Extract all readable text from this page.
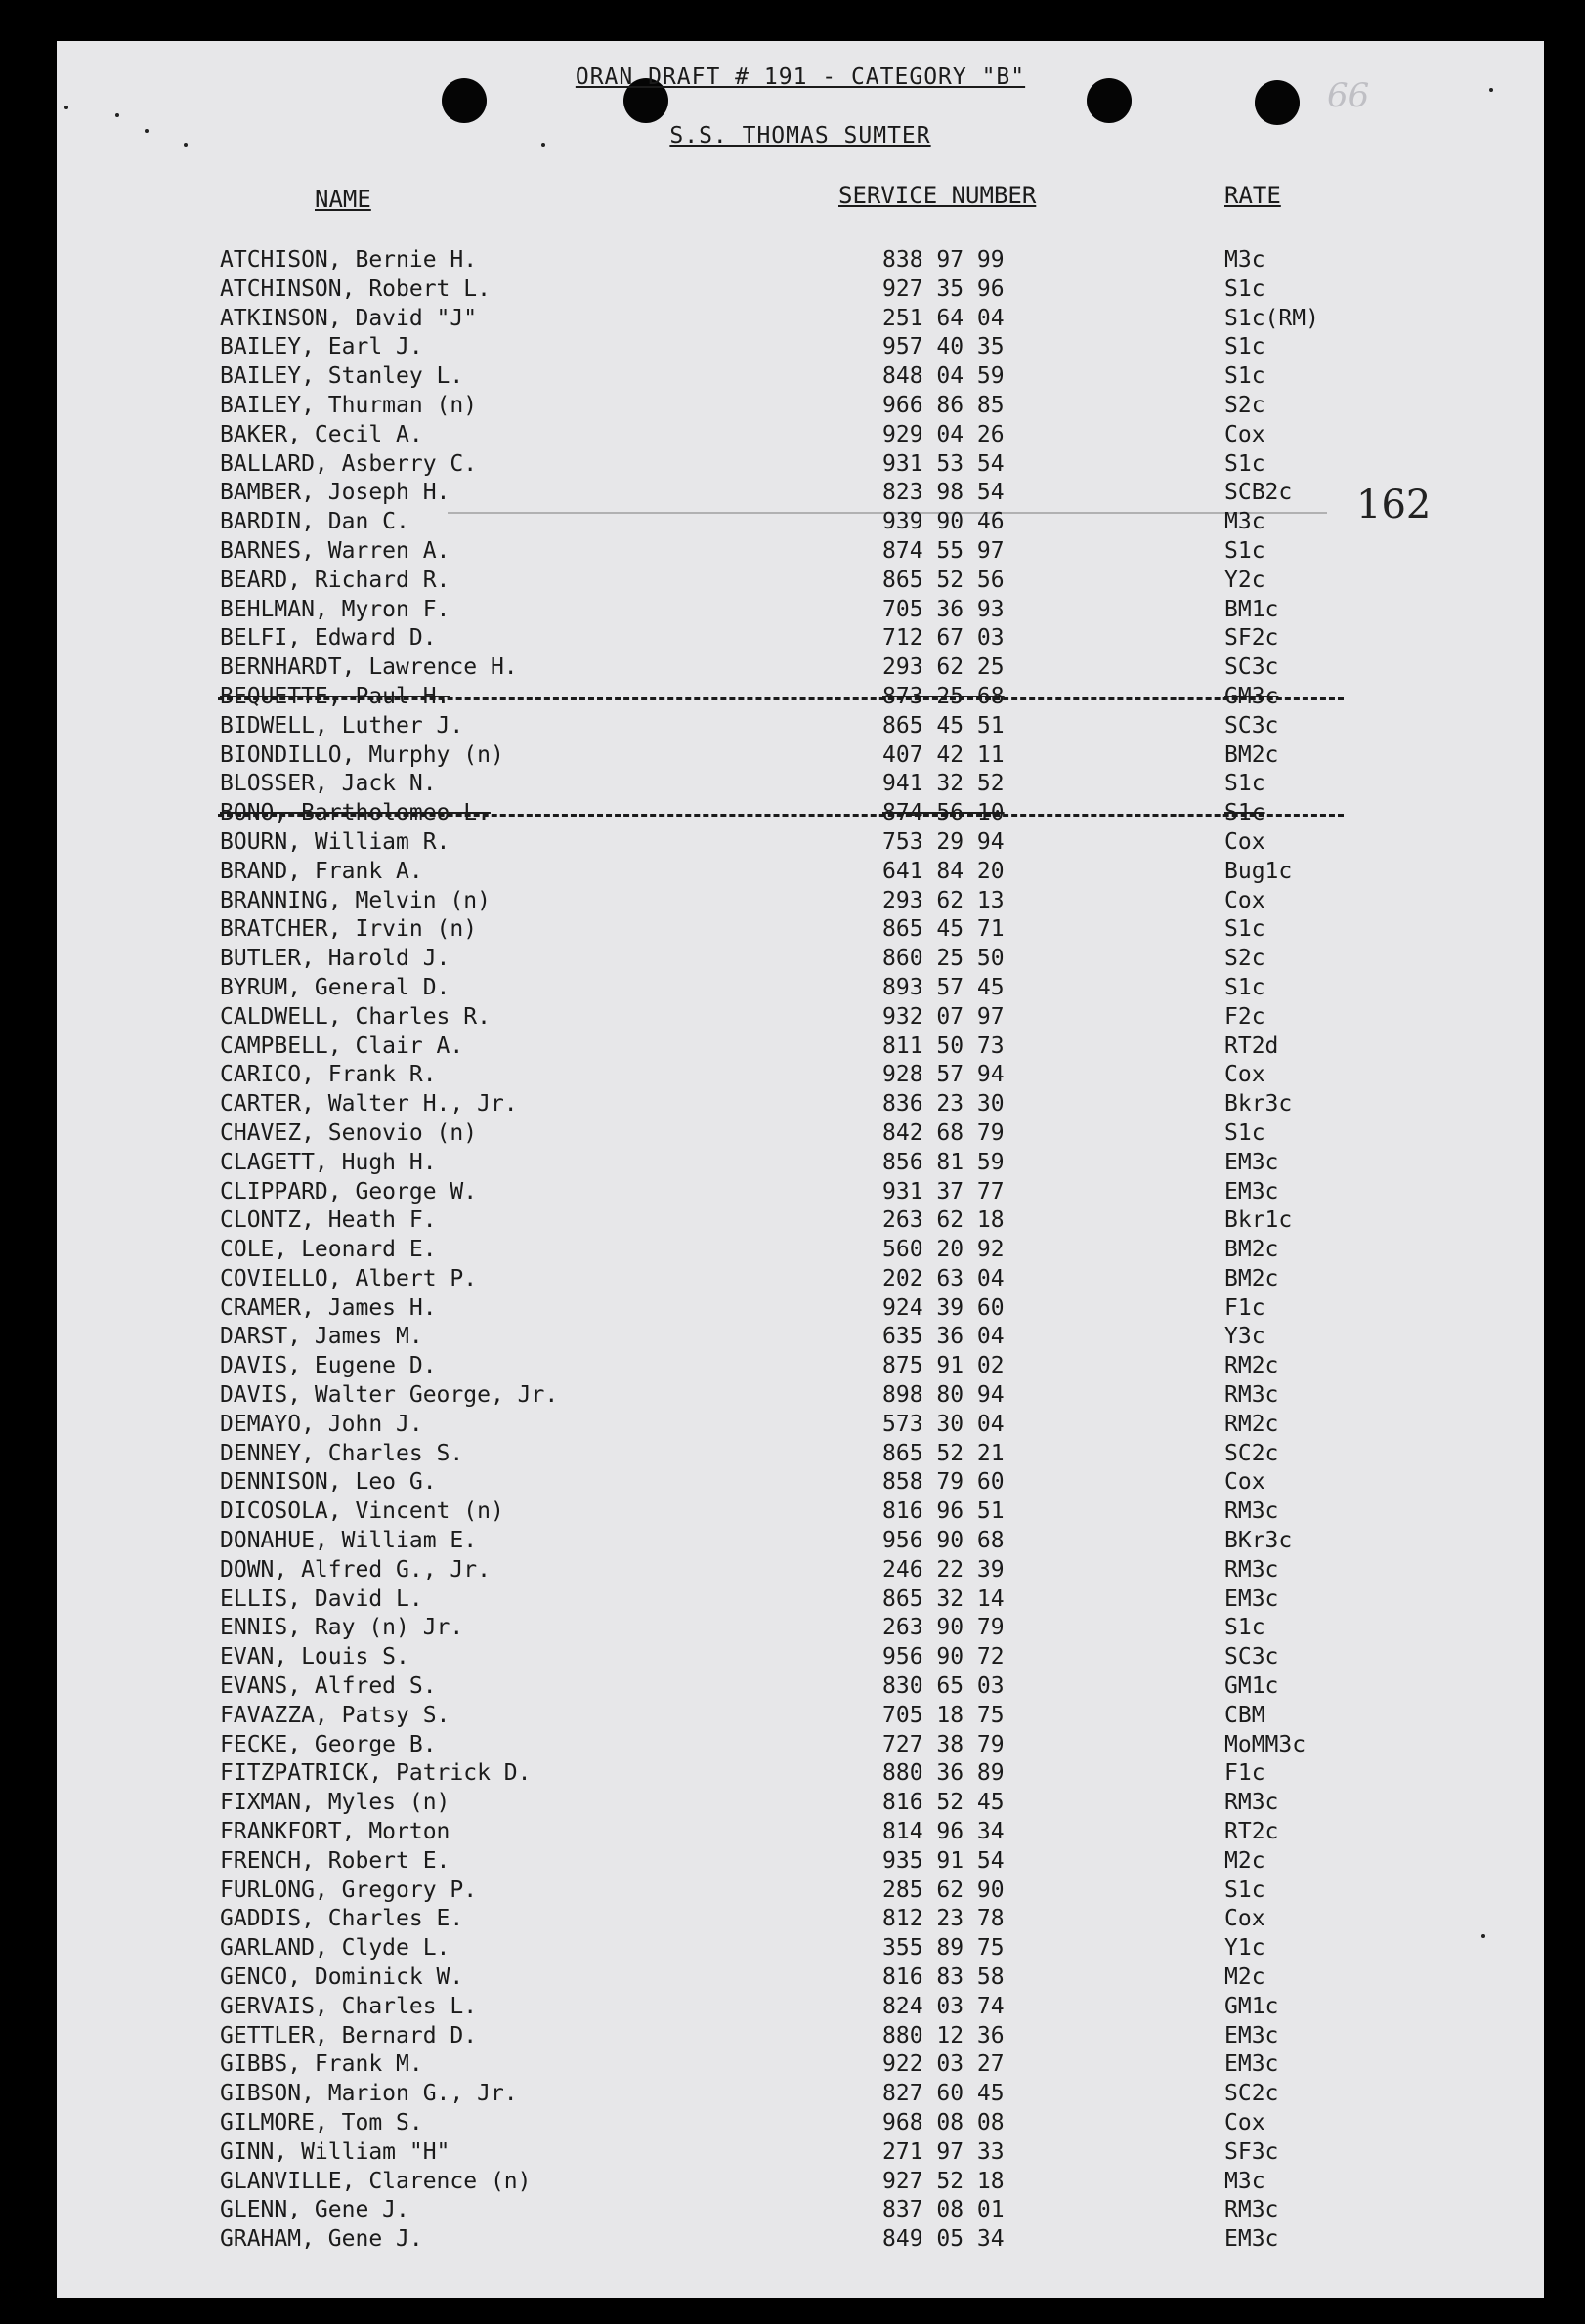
ORAN DRAFT # 191 - CATEGORY "B"
S.S. THOMAS SUMTER
66
162
NAME	SERVICE NUMBER	RATE
ATCHISON, Bernie H.	838 97 99	M3c
ATCHINSON, Robert L.	927 35 96	S1c
ATKINSON, David "J"	251 64 04	S1c(RM)
BAILEY, Earl J.	957 40 35	S1c
BAILEY, Stanley L.	848 04 59	S1c
BAILEY, Thurman (n)	966 86 85	S2c
BAKER, Cecil A.	929 04 26	Cox
BALLARD, Asberry C.	931 53 54	S1c
BAMBER, Joseph H.	823 98 54	SCB2c
BARDIN, Dan C.	939 90 46	M3c
BARNES, Warren A.	874 55 97	S1c
BEARD, Richard R.	865 52 56	Y2c
BEHLMAN, Myron F.	705 36 93	BM1c
BELFI, Edward D.	712 67 03	SF2c
BERNHARDT, Lawrence H.	293 62 25	SC3c
BEQUETTE, Paul H.	873 25 68	GM3c
BIDWELL, Luther J.	865 45 51	SC3c
BIONDILLO, Murphy (n)	407 42 11	BM2c
BLOSSER, Jack N.	941 32 52	S1c
BONO, Bartholomeo L.	874 56 10	S1c
BOURN, William R.	753 29 94	Cox
BRAND, Frank A.	641 84 20	Bug1c
BRANNING, Melvin (n)	293 62 13	Cox
BRATCHER, Irvin (n)	865 45 71	S1c
BUTLER, Harold J.	860 25 50	S2c
BYRUM, General D.	893 57 45	S1c
CALDWELL, Charles R.	932 07 97	F2c
CAMPBELL, Clair A.	811 50 73	RT2d
CARICO, Frank R.	928 57 94	Cox
CARTER, Walter H., Jr.	836 23 30	Bkr3c
CHAVEZ, Senovio (n)	842 68 79	S1c
CLAGETT, Hugh H.	856 81 59	EM3c
CLIPPARD, George W.	931 37 77	EM3c
CLONTZ, Heath F.	263 62 18	Bkr1c
COLE, Leonard E.	560 20 92	BM2c
COVIELLO, Albert P.	202 63 04	BM2c
CRAMER, James H.	924 39 60	F1c
DARST, James M.	635 36 04	Y3c
DAVIS, Eugene D.	875 91 02	RM2c
DAVIS, Walter George, Jr.	898 80 94	RM3c
DEMAYO, John J.	573 30 04	RM2c
DENNEY, Charles S.	865 52 21	SC2c
DENNISON, Leo G.	858 79 60	Cox
DICOSOLA, Vincent (n)	816 96 51	RM3c
DONAHUE, William E.	956 90 68	BKr3c
DOWN, Alfred G., Jr.	246 22 39	RM3c
ELLIS, David L.	865 32 14	EM3c
ENNIS, Ray (n) Jr.	263 90 79	S1c
EVAN, Louis S.	956 90 72	SC3c
EVANS, Alfred S.	830 65 03	GM1c
FAVAZZA, Patsy S.	705 18 75	CBM
FECKE, George B.	727 38 79	MoMM3c
FITZPATRICK, Patrick D.	880 36 89	F1c
FIXMAN, Myles (n)	816 52 45	RM3c
FRANKFORT, Morton	814 96 34	RT2c
FRENCH, Robert E.	935 91 54	M2c
FURLONG, Gregory P.	285 62 90	S1c
GADDIS, Charles E.	812 23 78	Cox
GARLAND, Clyde L.	355 89 75	Y1c
GENCO, Dominick W.	816 83 58	M2c
GERVAIS, Charles L.	824 03 74	GM1c
GETTLER, Bernard D.	880 12 36	EM3c
GIBBS, Frank M.	922 03 27	EM3c
GIBSON, Marion G., Jr.	827 60 45	SC2c
GILMORE, Tom S.	968 08 08	Cox
GINN, William "H"	271 97 33	SF3c
GLANVILLE, Clarence (n)	927 52 18	M3c
GLENN, Gene J.	837 08 01	RM3c
GRAHAM, Gene J.	849 05 34	EM3c
